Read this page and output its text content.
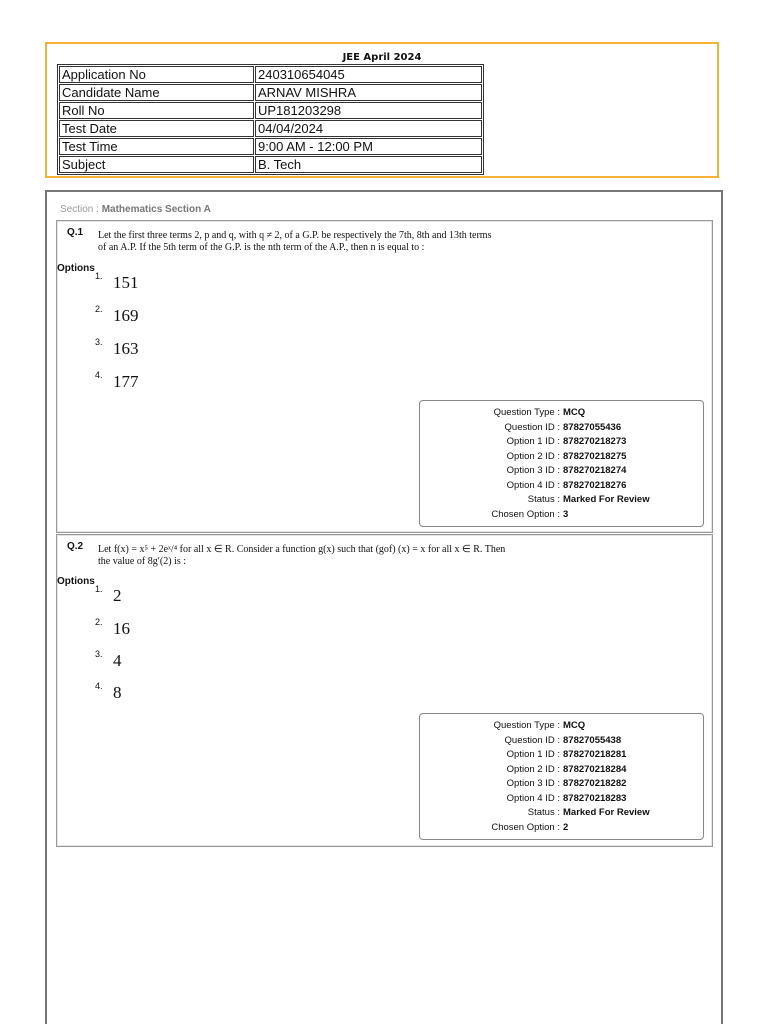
JEE April 2024
Application No	240310654045
Candidate Name	ARNAV MISHRA
Roll No	UP181203298
Test Date	04/04/2024
Test Time	9:00 AM - 12:00 PM
Subject	B. Tech
Section : Mathematics Section A
Q.1 Let the first three terms 2, p and q, with q ≠ 2, of a G.P. be respectively the 7th, 8th and 13th terms
of an A.P. If the 5th term of the G.P. is the nth term of the A.P., then n is equal to :
Options
1. 151
2. 169
3. 163
4. 177
Question Type : MCQ
Question ID : 87827055436
Option 1 ID : 878270218273
Option 2 ID : 878270218275
Option 3 ID : 878270218274
Option 4 ID : 878270218276
Status : Marked For Review
Chosen Option : 3
Q.2 Let f(x) = x⁵ + 2eˣ/⁴ for all x ∈ R. Consider a function g(x) such that (gof) (x) = x for all x ∈ R. Then
the value of 8g′(2) is :
Options
1. 2
2. 16
3. 4
4. 8
Question Type : MCQ
Question ID : 87827055438
Option 1 ID : 878270218281
Option 2 ID : 878270218284
Option 3 ID : 878270218282
Option 4 ID : 878270218283
Status : Marked For Review
Chosen Option : 2
